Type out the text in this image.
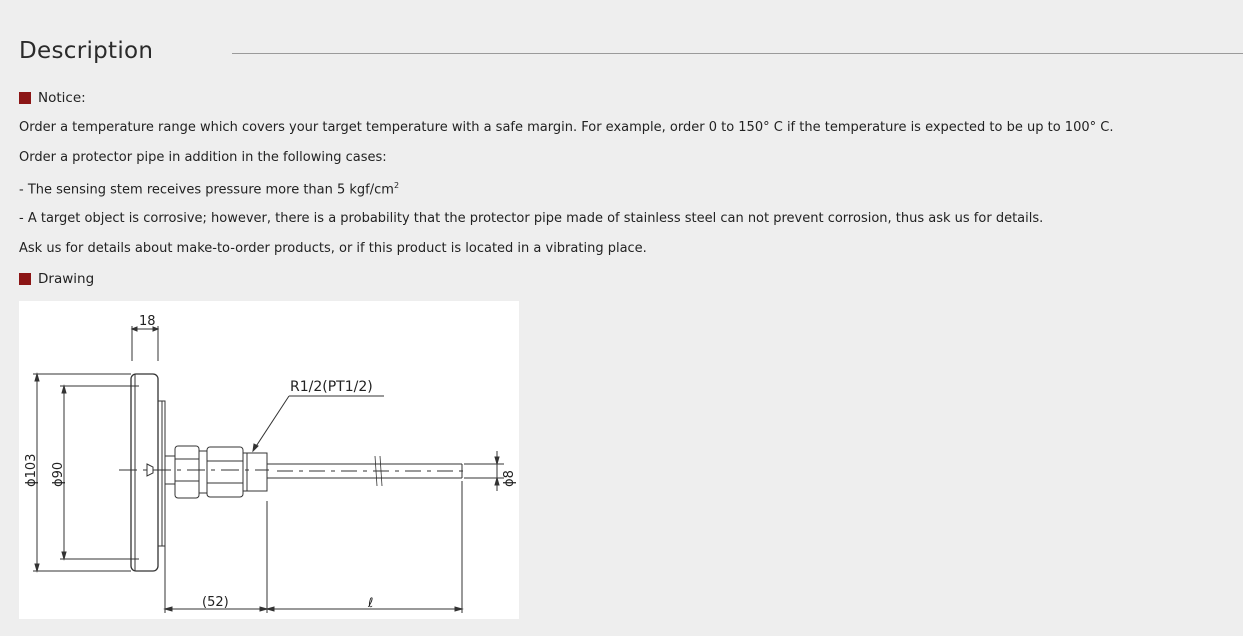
Description
Notice:
Order a temperature range which covers your target temperature with a safe margin. For example, order 0 to 150° C if the temperature is expected to be up to 100° C.
Order a protector pipe in addition in the following cases:
- The sensing stem receives pressure more than 5 kgf/$cm^2$
- A target object is corrosive; however, there is a probability that the protector pipe made of stainless steel can not prevent corrosion, thus ask us for details.
Ask us for details about make-to-order products, or if this product is located in a vibrating place.
Drawing
18
R1/2(PT1/2)
(52)	ℓ
ϕ103 ϕ90	ϕ8
